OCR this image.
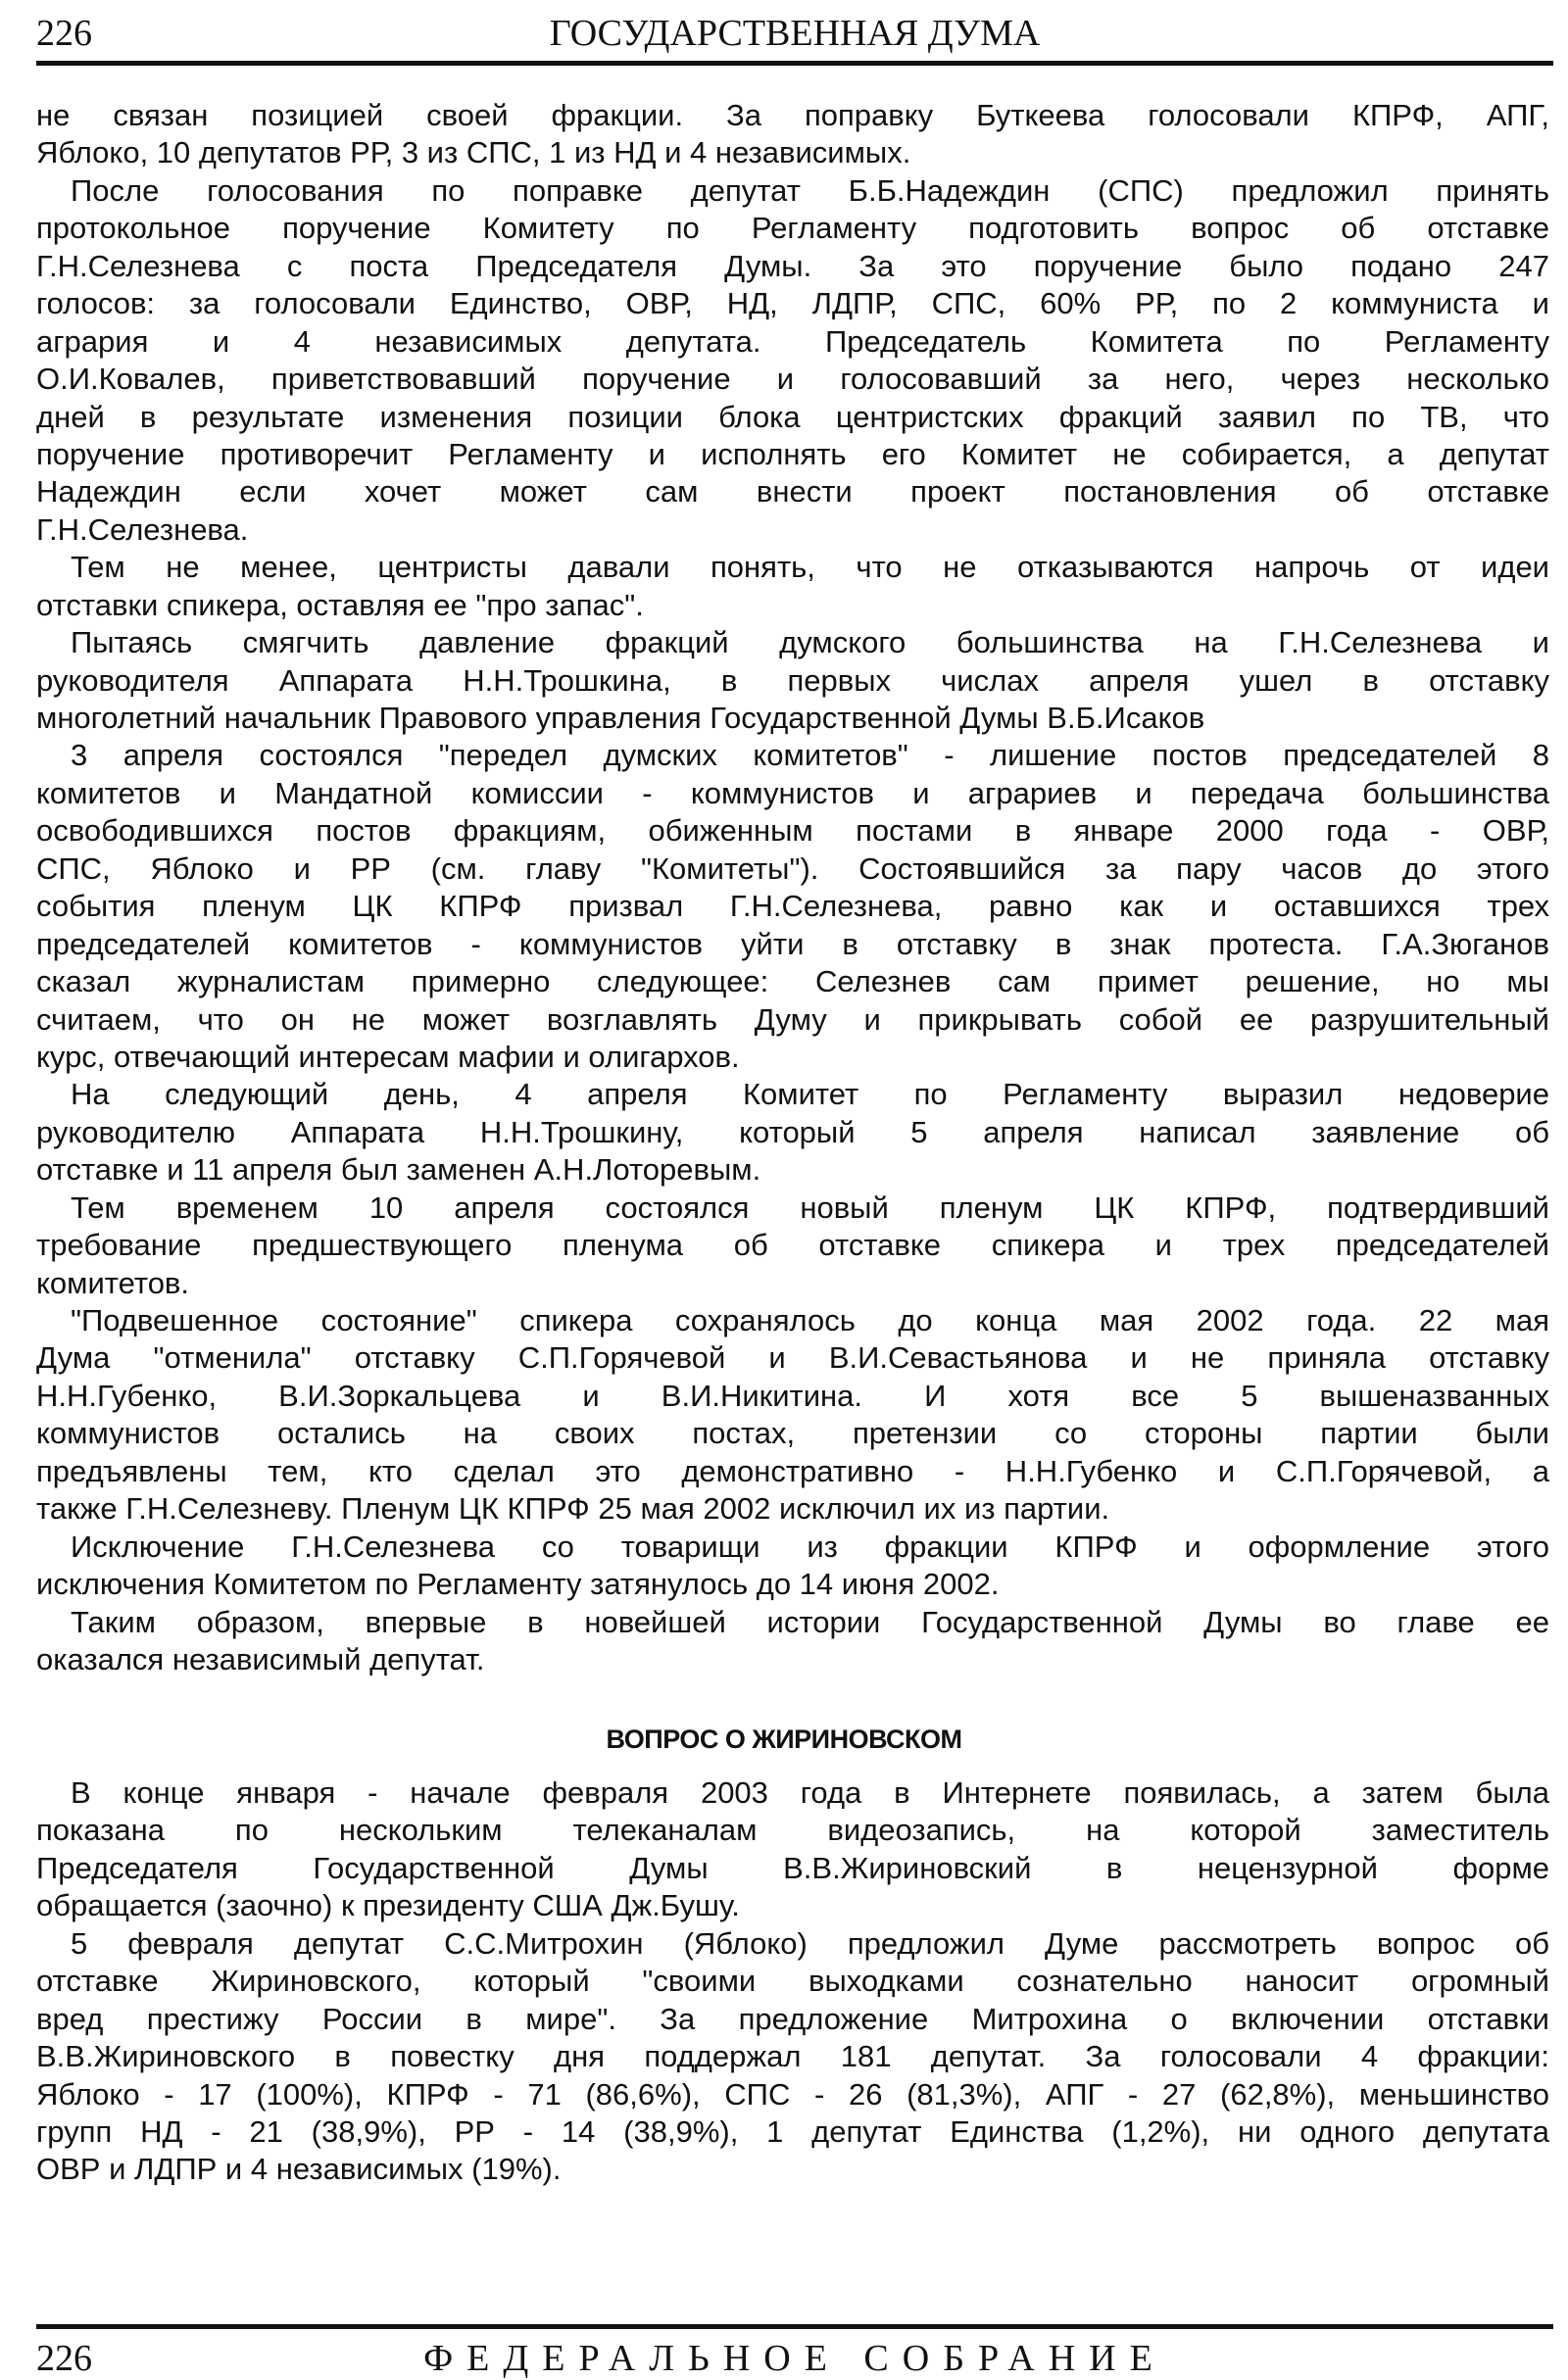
226	ГОСУДАРСТВЕННАЯ ДУМА
не связан позицией своей фракции. За поправку Буткеева голосовали КПРФ, АПГ,
Яблоко, 10 депутатов РР, 3 из СПС, 1 из НД и 4 независимых.
После голосования по поправке депутат Б.Б.Надеждин (СПС) предложил принять
протокольное поручение Комитету по Регламенту подготовить вопрос об отставке
Г.Н.Селезнева с поста Председателя Думы. За это поручение было подано 247
голосов: за голосовали Единство, ОВР, НД, ЛДПР, СПС, 60% РР, по 2 коммуниста и
агрария и 4 независимых депутата. Председатель Комитета по Регламенту
О.И.Ковалев, приветствовавший поручение и голосовавший за него, через несколько
дней в результате изменения позиции блока центристских фракций заявил по ТВ, что
поручение противоречит Регламенту и исполнять его Комитет не собирается, а депутат
Надеждин если хочет может сам внести проект постановления об отставке
Г.Н.Селезнева.
Тем не менее, центристы давали понять, что не отказываются напрочь от идеи
отставки спикера, оставляя ее "про запас".
Пытаясь смягчить давление фракций думского большинства на Г.Н.Селезнева и
руководителя Аппарата Н.Н.Трошкина, в первых числах апреля ушел в отставку
многолетний начальник Правового управления Государственной Думы В.Б.Исаков
3 апреля состоялся "передел думских комитетов" - лишение постов председателей 8
комитетов и Мандатной комиссии - коммунистов и аграриев и передача большинства
освободившихся постов фракциям, обиженным постами в январе 2000 года - ОВР,
СПС, Яблоко и РР (см. главу "Комитеты"). Состоявшийся за пару часов до этого
события пленум ЦК КПРФ призвал Г.Н.Селезнева, равно как и оставшихся трех
председателей комитетов - коммунистов уйти в отставку в знак протеста. Г.А.Зюганов
сказал журналистам примерно следующее: Селезнев сам примет решение, но мы
считаем, что он не может возглавлять Думу и прикрывать собой ее разрушительный
курс, отвечающий интересам мафии и олигархов.
На следующий день, 4 апреля Комитет по Регламенту выразил недоверие
руководителю Аппарата Н.Н.Трошкину, который 5 апреля написал заявление об
отставке и 11 апреля был заменен А.Н.Лоторевым.
Тем временем 10 апреля состоялся новый пленум ЦК КПРФ, подтвердивший
требование предшествующего пленума об отставке спикера и трех председателей
комитетов.
"Подвешенное состояние" спикера сохранялось до конца мая 2002 года. 22 мая
Дума "отменила" отставку С.П.Горячевой и В.И.Севастьянова и не приняла отставку
Н.Н.Губенко, В.И.Зоркальцева и В.И.Никитина. И хотя все 5 вышеназванных
коммунистов остались на своих постах, претензии со стороны партии были
предъявлены тем, кто сделал это демонстративно - Н.Н.Губенко и С.П.Горячевой, а
также Г.Н.Селезневу. Пленум ЦК КПРФ 25 мая 2002 исключил их из партии.
Исключение Г.Н.Селезнева со товарищи из фракции КПРФ и оформление этого
исключения Комитетом по Регламенту затянулось до 14 июня 2002.
Таким образом, впервые в новейшей истории Государственной Думы во главе ее
оказался независимый депутат.
ВОПРОС О ЖИРИНОВСКОМ
В конце января - начале февраля 2003 года в Интернете появилась, а затем была
показана по нескольким телеканалам видеозапись, на которой заместитель
Председателя Государственной Думы В.В.Жириновский в нецензурной форме
обращается (заочно) к президенту США Дж.Бушу.
5 февраля депутат С.С.Митрохин (Яблоко) предложил Думе рассмотреть вопрос об
отставке Жириновского, который "своими выходками сознательно наносит огромный
вред престижу России в мире". За предложение Митрохина о включении отставки
В.В.Жириновского в повестку дня поддержал 181 депутат. За голосовали 4 фракции:
Яблоко - 17 (100%), КПРФ - 71 (86,6%), СПС - 26 (81,3%), АПГ - 27 (62,8%), меньшинство
групп НД - 21 (38,9%), РР - 14 (38,9%), 1 депутат Единства (1,2%), ни одного депутата
ОВР и ЛДПР и 4 независимых (19%).
226	ФЕДЕРАЛЬНОЕ СОБРАНИЕ
